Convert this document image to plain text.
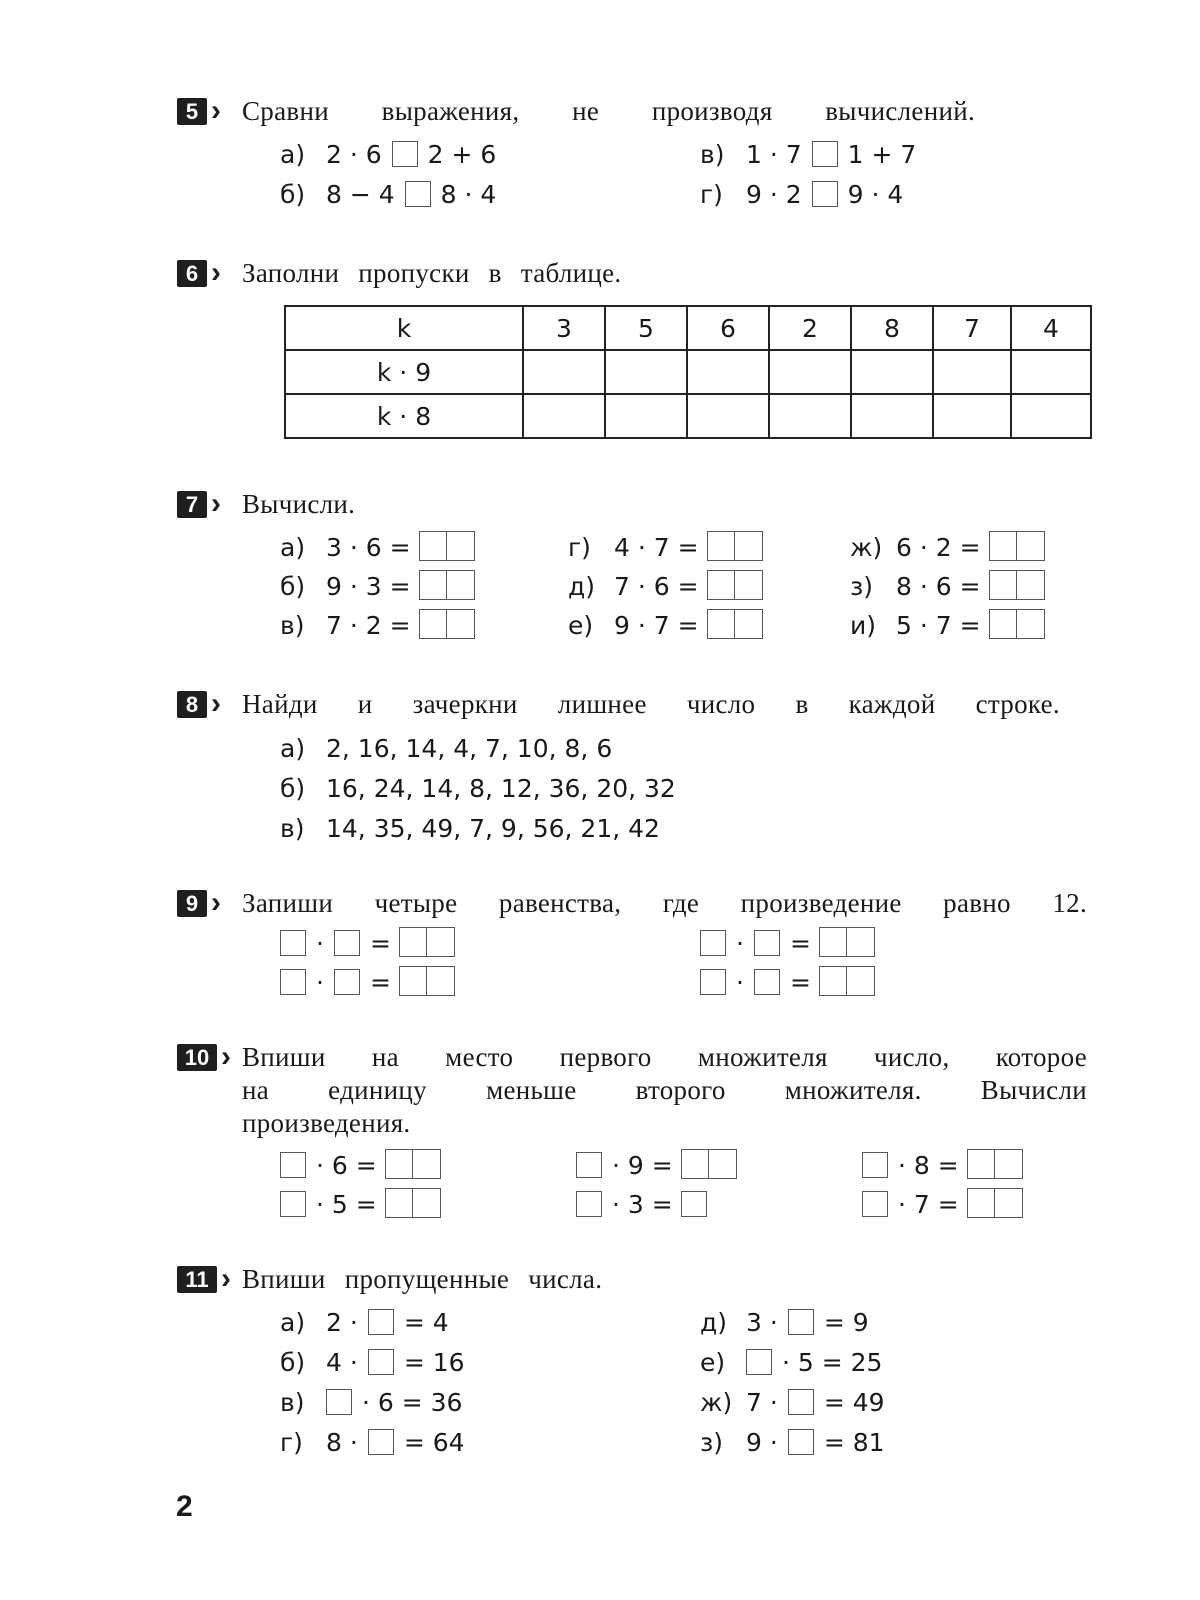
5 ›	Сравни выражения, не производя вычислений.
а) 2 · 6 2 + 6
б) 8 − 4 8 · 4
в) 1 · 7 1 + 7
г) 9 · 2 9 · 4
6 ›	Заполни пропуски в таблице.
k	3	5	6	2	8	7	4
k · 9							
k · 8							
7 ›	Вычисли.
а) 3 · 6 =
б) 9 · 3 =
в) 7 · 2 =
г) 4 · 7 =
д) 7 · 6 =
е) 9 · 7 =
ж) 6 · 2 =
з) 8 · 6 =
и) 5 · 7 =
8 ›	Найди и зачеркни лишнее число в каждой строке.
а) 2, 16, 14, 4, 7, 10, 8, 6
б) 16, 24, 14, 8, 12, 36, 20, 32
в) 14, 35, 49, 7, 9, 56, 21, 42
9 ›	Запиши четыре равенства, где произведение равно 12.
· =
· =
· =
· =
10 › Впиши на место первого множителя число, которое
на единицу меньше второго множителя. Вычисли
произведения.
· 6 =
· 5 =
· 9 =
· 3 =
· 8 =
· 7 =
11 ›	Впиши пропущенные числа.
а) 2 · = 4
б) 4 · = 16
в) · 6 = 36
г) 8 · = 64
д) 3 · = 9
е) · 5 = 25
ж) 7 · = 49
з) 9 · = 81
2
